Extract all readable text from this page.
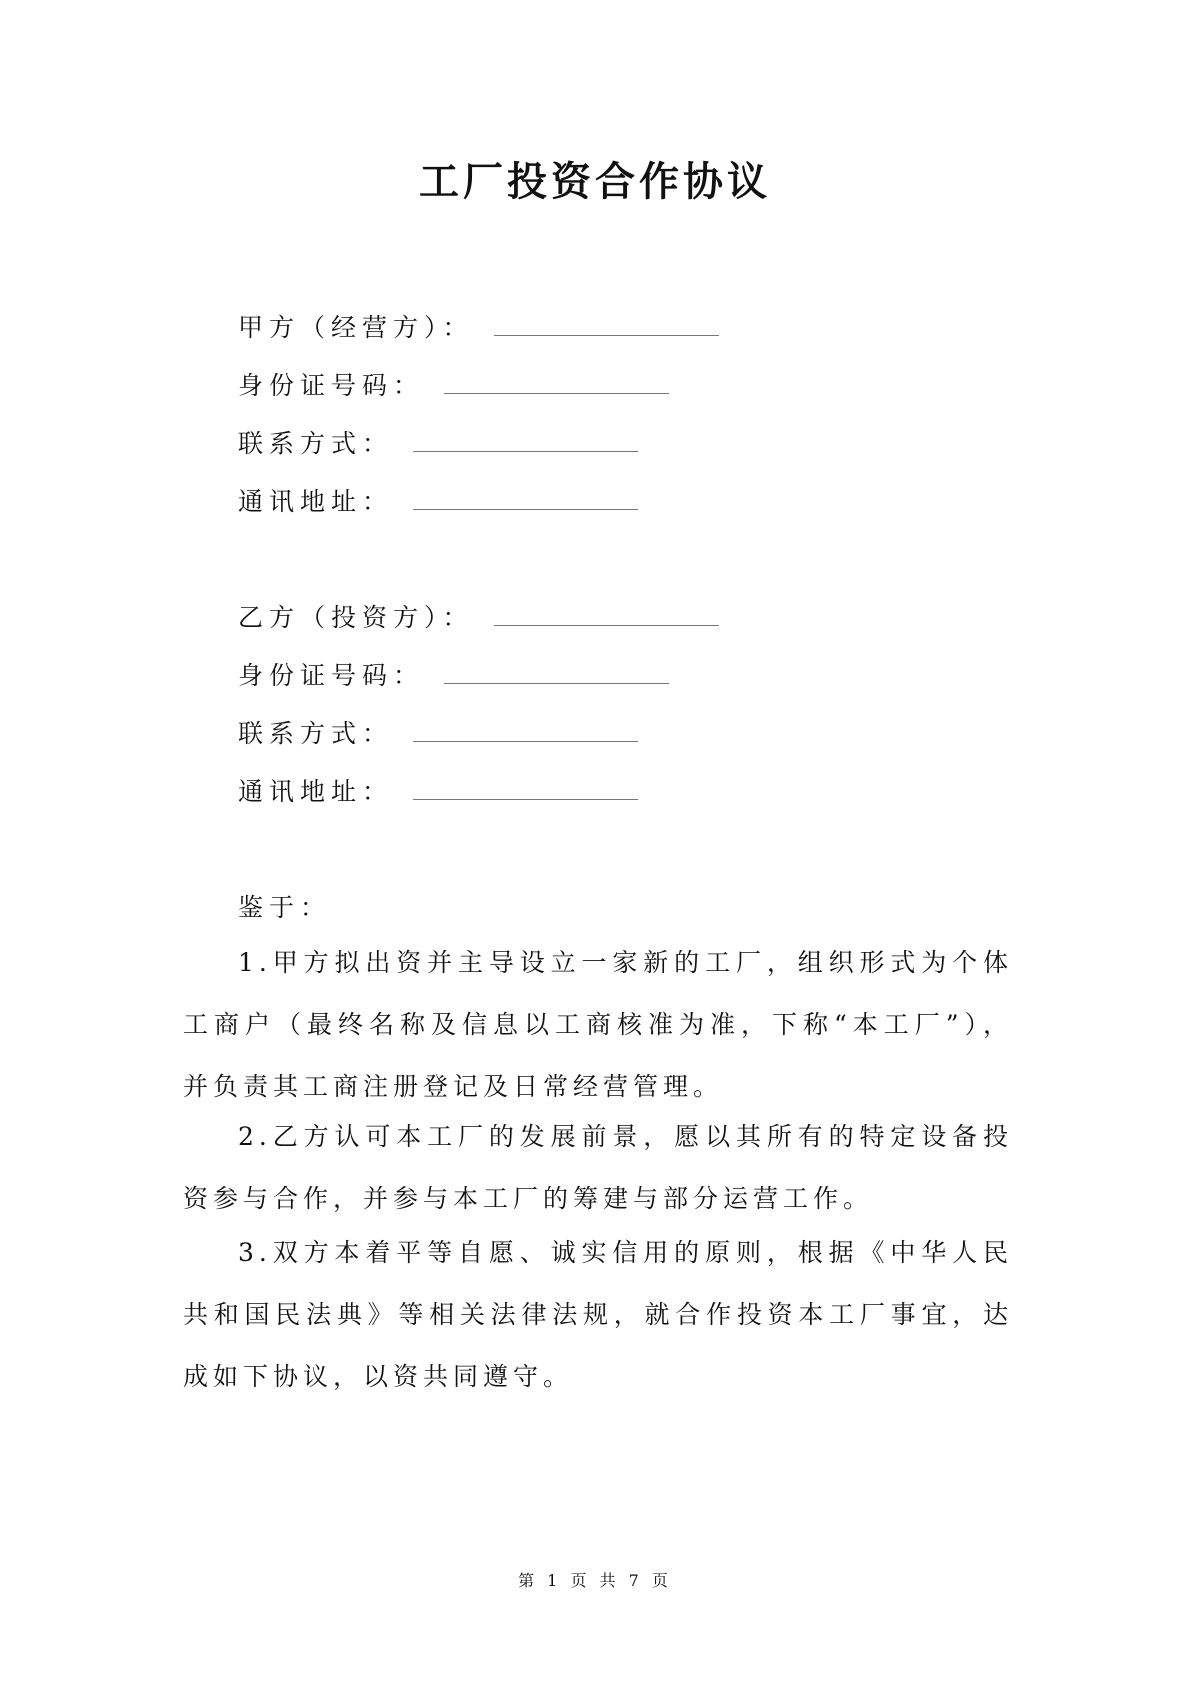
工厂投资合作协议
甲方（经营方）：
身份证号码：
联系方式：
通讯地址：
乙方（投资方）：
身份证号码：
联系方式：
通讯地址：
鉴于：
1.甲方拟出资并主导设立一家新的工厂，组织形式为个体工商户（最终名称及信息以工商核准为准，下称“本工厂”），并负责其工商注册登记及日常经营管理。
2.乙方认可本工厂的发展前景，愿以其所有的特定设备投资参与合作，并参与本工厂的筹建与部分运营工作。
3.双方本着平等自愿、诚实信用的原则，根据《中华人民共和国民法典》等相关法律法规，就合作投资本工厂事宜，达成如下协议，以资共同遵守。
第 1 页 共 7 页
